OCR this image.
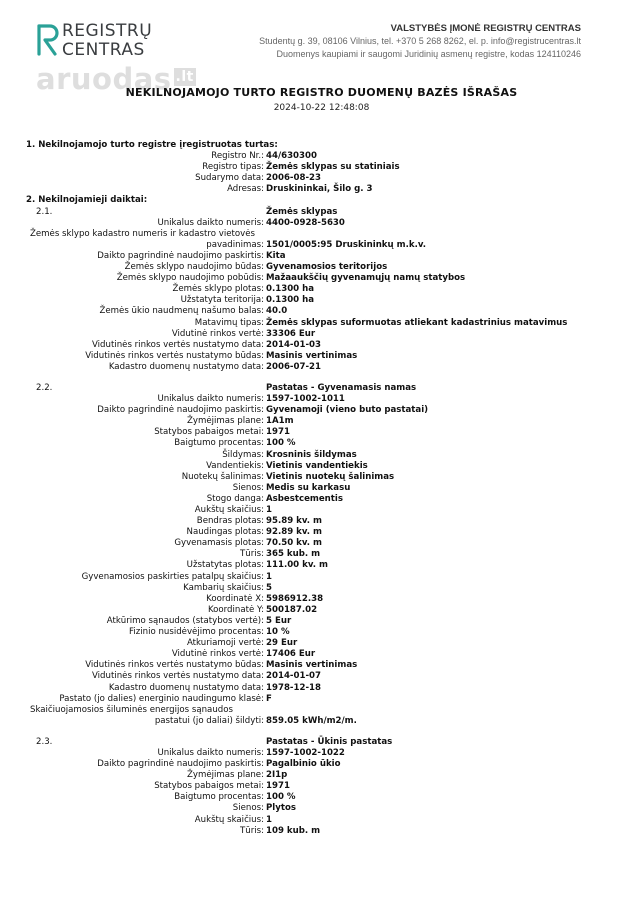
REGISTRŲ
CENTRAS
VALSTYBĖS ĮMONĖ REGISTRŲ CENTRAS
Studentų g. 39, 08106 Vilnius, tel. +370 5 268 8262, el. p. info@registrucentras.lt
Duomenys kaupiami ir saugomi Juridinių asmenų registre, kodas 124110246
aruodas .lt
NEKILNOJAMOJO TURTO REGISTRO DUOMENŲ BAZĖS IŠRAŠAS
2024-10-22 12:48:08
1. Nekilnojamojo turto registre įregistruotas turtas:
Registro Nr.: 44/630300
Registro tipas: Žemės sklypas su statiniais
Sudarymo data: 2006-08-23
Adresas: Druskininkai, Šilo g. 3
2. Nekilnojamieji daiktai:
2.1.	Žemės sklypas
Unikalus daikto numeris: 4400-0928-5630
Žemės sklypo kadastro numeris ir kadastro vietovės
pavadinimas: 1501/0005:95 Druskininkų m.k.v.
Daikto pagrindinė naudojimo paskirtis: Kita
Žemės sklypo naudojimo būdas: Gyvenamosios teritorijos
Žemės sklypo naudojimo pobūdis: Mažaaukščių gyvenamųjų namų statybos
Žemės sklypo plotas: 0.1300 ha
Užstatyta teritorija: 0.1300 ha
Žemės ūkio naudmenų našumo balas: 40.0
Matavimų tipas: Žemės sklypas suformuotas atliekant kadastrinius matavimus
Vidutinė rinkos vertė: 33306 Eur
Vidutinės rinkos vertės nustatymo data: 2014-01-03
Vidutinės rinkos vertės nustatymo būdas: Masinis vertinimas
Kadastro duomenų nustatymo data: 2006-07-21
2.2.	Pastatas - Gyvenamasis namas
Unikalus daikto numeris: 1597-1002-1011
Daikto pagrindinė naudojimo paskirtis: Gyvenamoji (vieno buto pastatai)
Žymėjimas plane: 1A1m
Statybos pabaigos metai: 1971
Baigtumo procentas: 100 %
Šildymas: Krosninis šildymas
Vandentiekis: Vietinis vandentiekis
Nuotekų šalinimas: Vietinis nuotekų šalinimas
Sienos: Medis su karkasu
Stogo danga: Asbestcementis
Aukštų skaičius: 1
Bendras plotas: 95.89 kv. m
Naudingas plotas: 92.89 kv. m
Gyvenamasis plotas: 70.50 kv. m
Tūris: 365 kub. m
Užstatytas plotas: 111.00 kv. m
Gyvenamosios paskirties patalpų skaičius: 1
Kambarių skaičius: 5
Koordinatė X: 5986912.38
Koordinatė Y: 500187.02
Atkūrimo sąnaudos (statybos vertė): 5 Eur
Fizinio nusidėvėjimo procentas: 10 %
Atkuriamoji vertė: 29 Eur
Vidutinė rinkos vertė: 17406 Eur
Vidutinės rinkos vertės nustatymo būdas: Masinis vertinimas
Vidutinės rinkos vertės nustatymo data: 2014-01-07
Kadastro duomenų nustatymo data: 1978-12-18
Pastato (jo dalies) energinio naudingumo klasė: F
Skaičiuojamosios šiluminės energijos sąnaudos
pastatui (jo daliai) šildyti: 859.05 kWh/m2/m.
2.3.	Pastatas - Ūkinis pastatas
Unikalus daikto numeris: 1597-1002-1022
Daikto pagrindinė naudojimo paskirtis: Pagalbinio ūkio
Žymėjimas plane: 2I1p
Statybos pabaigos metai: 1971
Baigtumo procentas: 100 %
Sienos: Plytos
Aukštų skaičius: 1
Tūris: 109 kub. m
